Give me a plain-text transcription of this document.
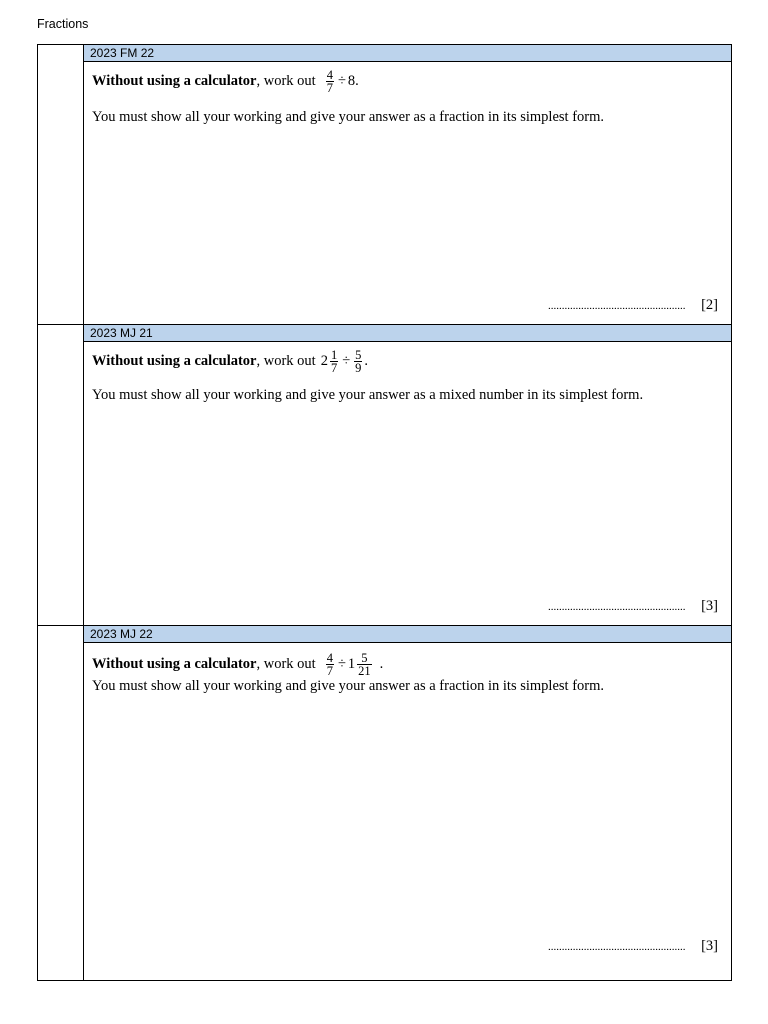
Fractions
2023 FM 22
Without using a calculator , work out $\frac{4}{7} \div 8$ .
You must show all your working and give your answer as a fraction in its simplest form.
.................................................. [2]
2023 MJ 21
Without using a calculator , work out $2 \frac{1}{7} \div \frac{5}{9}$ .
You must show all your working and give your answer as a mixed number in its simplest form.
.................................................. [3]
2023 MJ 22
Without using a calculator , work out $\frac{4}{7} \div 1 \frac{5}{21}$ .
You must show all your working and give your answer as a fraction in its simplest form.
.................................................. [3]
